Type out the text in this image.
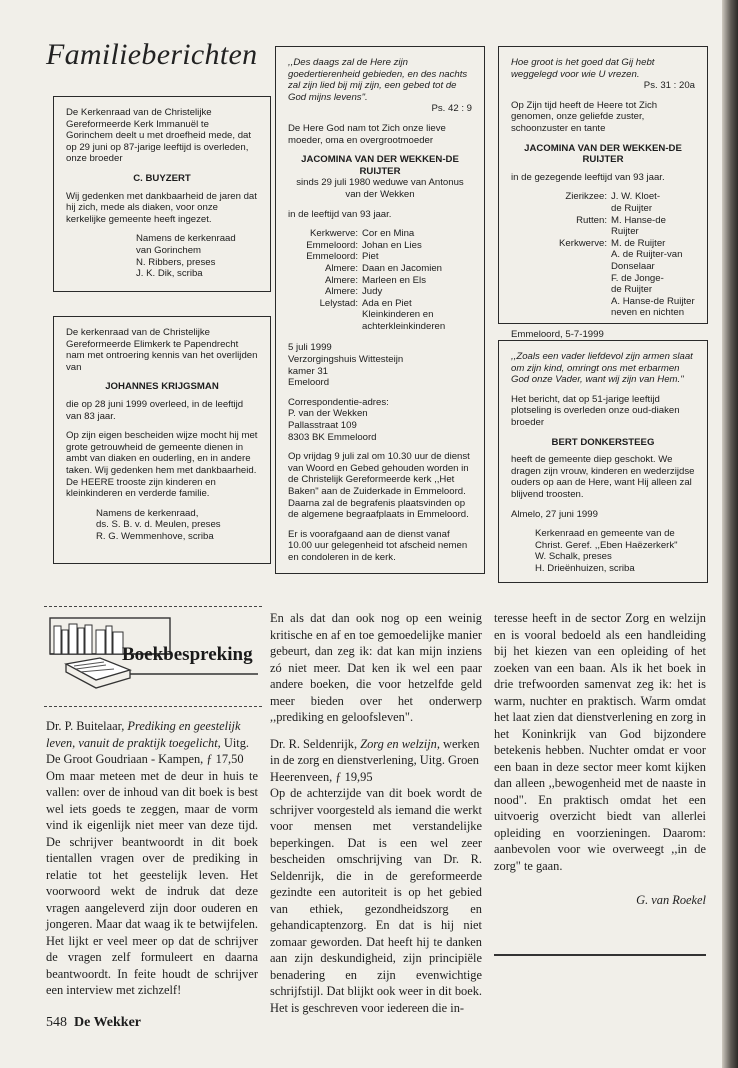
Familieberichten

De Kerkenraad van de Christelijke Gereformeerde Kerk Immanuël te Gorinchem deelt u met droefheid mede, dat op 29 juni op 87-jarige leeftijd is overleden, onze broeder

C. BUYZERT

Wij gedenken met dankbaarheid de jaren dat hij zich, mede als diaken, voor onze kerkelijke gemeente heeft ingezet.

Namens de kerkenraad
van Gorinchem
N. Ribbers, preses
J. K. Dik, scriba

De kerkenraad van de Christelijke Gereformeerde Elimkerk te Papendrecht nam met ontroering kennis van het overlijden van

JOHANNES KRIJGSMAN

die op 28 juni 1999 overleed, in de leeftijd van 83 jaar.

Op zijn eigen bescheiden wijze mocht hij met grote getrouwheid de gemeente dienen in ambt van diaken en ouderling, en in andere taken. Wij gedenken hem met dankbaarheid. De HEERE trooste zijn kinderen en kleinkinderen en verderde familie.

Namens de kerkenraad,
ds. S. B. v. d. Meulen, preses
R. G. Wemmenhove, scriba

,,Des daags zal de Here zijn goedertierenheid gebieden, en des nachts zal zijn lied bij mij zijn, een gebed tot de God mijns levens".

Ps. 42 : 9

De Here God nam tot Zich onze lieve moeder, oma en overgrootmoeder

JACOMINA VAN DER WEKKEN-DE RUIJTER

sinds 29 juli 1980 weduwe van Antonus van der Wekken

in de leeftijd van 93 jaar.

Kerkwerve: Cor en Mina
Emmeloord: Johan en Lies
Emmeloord: Piet
Almere: Daan en Jacomien
Almere: Marleen en Els
Almere: Judy
Lelystad: Ada en Piet
Kleinkinderen en
achterkleinkinderen

5 juli 1999
Verzorgingshuis Wittesteijn
kamer 31
Emeloord

Correspondentie-adres:
P. van der Wekken
Pallasstraat 109
8303 BK Emmeloord

Op vrijdag 9 juli zal om 10.30 uur de dienst van Woord en Gebed gehouden worden in de Christelijk Gereformeerde kerk ,,Het Baken" aan de Zuiderkade in Emmeloord. Daarna zal de begrafenis plaatsvinden op de algemene begraafplaats in Emmeloord.

Er is voorafgaand aan de dienst vanaf 10.00 uur gelegenheid tot afscheid nemen en condoleren in de kerk.

Hoe groot is het goed dat Gij hebt weggelegd voor wie U vrezen.

Ps. 31 : 20a

Op Zijn tijd heeft de Heere tot Zich genomen, onze geliefde zuster, schoonzuster en tante

JACOMINA VAN DER WEKKEN-DE RUIJTER

in de gezegende leeftijd van 93 jaar.

Zierikzee: J. W. Kloet-
de Ruijter
Rutten: M. Hanse-de Ruijter
Kerkwerve: M. de Ruijter
A. de Ruijter-van
Donselaar
F. de Jonge-
de Ruijter
A. Hanse-de Ruijter
neven en nichten

Emmeloord, 5-7-1999

,,Zoals een vader liefdevol zijn armen slaat om zijn kind, omringt ons met erbarmen God onze Vader, want wij zijn van Hem."

Het bericht, dat op 51-jarige leeftijd plotseling is overleden onze oud-diaken broeder

BERT DONKERSTEEG

heeft de gemeente diep geschokt. We dragen zijn vrouw, kinderen en wederzijdse ouders op aan de Here, want Hij alleen zal blijvend troosten.

Almelo, 27 juni 1999

Kerkenraad en gemeente van de
Christ. Geref. ,,Eben Haëzerkerk"
W. Schalk, preses
H. Drieënhuizen, scriba
Boekbespreking

Dr. P. Buitelaar, Prediking en geestelijk leven, vanuit de praktijk toegelicht, Uitg. De Groot Goudriaan - Kampen, ƒ 17,50

Om maar meteen met de deur in huis te vallen: over de inhoud van dit boek is best wel iets goeds te zeggen, maar de vorm vind ik eigenlijk niet meer van deze tijd. De schrijver beantwoordt in dit boek tientallen vragen over de prediking in relatie tot het geestelijk leven. Het voorwoord wekt de indruk dat deze vragen aangeleverd zijn door ouderen en jongeren. Maar dat waag ik te betwijfelen. Het lijkt er veel meer op dat de schrijver de vragen zelf formuleert en daarna beantwoordt. In feite houdt de schrijver een interview met zichzelf!

En als dat dan ook nog op een weinig kritische en af en toe gemoedelijke manier gebeurt, dan zeg ik: dat kan mijn inziens zó niet meer. Dat ken ik wel een paar andere boeken, die voor hetzelfde geld meer bieden over het onderwerp ,,prediking en geloofsleven".

Dr. R. Seldenrijk, Zorg en welzijn, werken in de zorg en dienstverlening, Uitg. Groen Heerenveen, ƒ 19,95

Op de achterzijde van dit boek wordt de schrijver voorgesteld als iemand die werkt voor mensen met verstandelijke beperkingen. Dat is een wel zeer bescheiden omschrijving van Dr. R. Seldenrijk, die in de gereformeerde gezindte een autoriteit is op het gebied van ethiek, gezondheidszorg en gehandicaptenzorg. En dat is hij niet zomaar geworden. Dat heeft hij te danken aan zijn deskundigheid, zijn principiële benadering en zijn evenwichtige schrijfstijl. Dat blijkt ook weer in dit boek. Het is geschreven voor iedereen die in-

teresse heeft in de sector Zorg en welzijn en is vooral bedoeld als een handleiding bij het kiezen van een opleiding of het zoeken van een baan. Als ik het boek in drie trefwoorden samenvat zeg ik: het is warm, nuchter en praktisch. Warm omdat het laat zien dat dienstverlening en zorg in het Koninkrijk van God bijzondere betekenis hebben. Nuchter omdat er voor een baan in deze sector meer komt kijken dan alleen ,,bewogenheid met de naaste in nood". En praktisch omdat het een uitvoerig overzicht biedt van allerlei opleiding en voorzieningen. Daarom: aanbevolen voor wie overweegt ,,in de zorg" te gaan.

G. van Roekel
548 De Wekker
